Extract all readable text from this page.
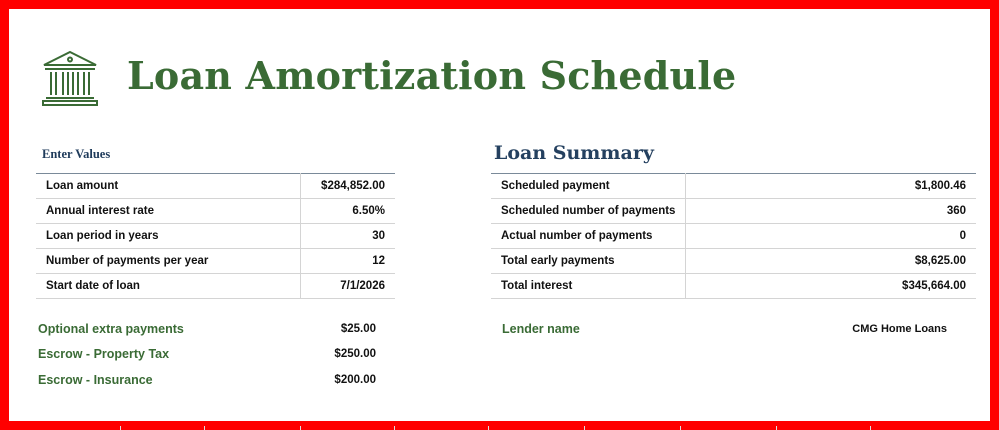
Loan Amortization Schedule
Enter Values
Loan amount	$284,852.00
Annual interest rate	6.50%
Loan period in years	30
Number of payments per year	12
Start date of loan	7/1/2026
Optional extra payments	$25.00
Escrow - Property Tax	$250.00
Escrow - Insurance	$200.00
Loan Summary
Scheduled payment	$1,800.46
Scheduled number of payments	360
Actual number of payments	0
Total early payments	$8,625.00
Total interest	$345,664.00
Lender name	CMG Home Loans
